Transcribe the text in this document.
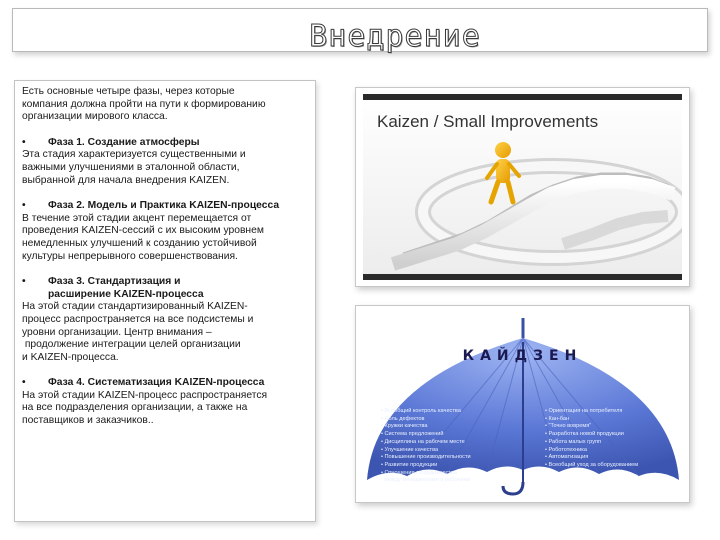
Внедрение

Есть основные четыре фазы, через которые

компания должна пройти на пути к формированию

организации мирового класса.

• Фаза 1. Создание атмосферы

Эта стадия характеризуется существенными и

важными улучшениями в эталонной области,

выбранной для начала внедрения KAIZEN.

• Фаза 2. Модель и Практика KAIZEN-процесса

В течение этой стадии акцент перемещается от

проведения KAIZEN-сессий с их высоким уровнем

немедленных улучшений к созданию устойчивой

культуры непрерывного совершенствования.

• Фаза 3. Стандартизация и

расширение KAIZEN-процесса

На этой стадии стандартизированный KAIZEN-

процесс распространяется на все подсистемы и

уровни организации. Центр внимания –

продолжение интеграции целей организации

и KAIZEN-процесса.

• Фаза 4. Систематизация KAIZEN-процесса

На этой стадии KAIZEN-процесс распространяется

на все подразделения организации, а также на

поставщиков и заказчиков..

Kaizen / Small Improvements
КАЙДЗЕН
• Всеобщий контроль качества
• Ноль дефектов
• Кружки качества
• Система предложений
• Дисциплина на рабочем месте
• Улучшение качества
• Повышение производительности
• Развитие продукции
• Отношения сотрудничества
между менеджерами и рабочими
• Ориентация на потребителя
• Кан-бан
• "Точно вовремя"
• Разработка новой продукции
• Работа малых групп
• Робототехника
• Автоматизация
• Всеобщий уход за оборудованием
